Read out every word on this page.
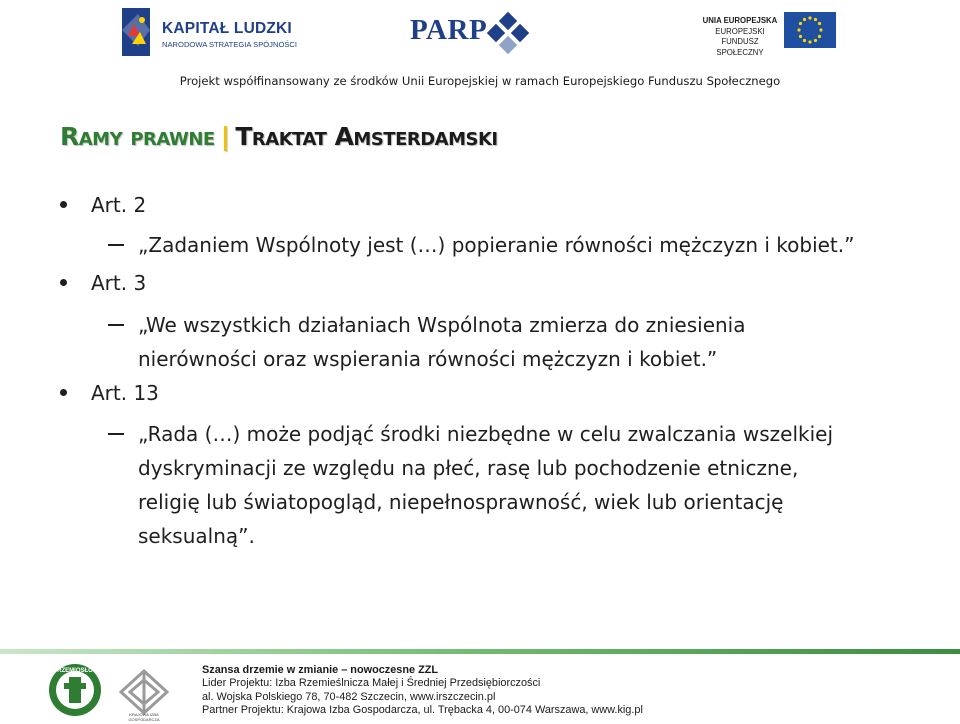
KAPITAŁ LUDZKI
NARODOWA STRATEGIA SPÓJNOŚCI	PARP	UNIA EUROPEJSKA
EUROPEJSKI
FUNDUSZ SPOŁECZNY
Projekt współfinansowany ze środków Unii Europejskiej w ramach Europejskiego Funduszu Społecznego
Ramy prawne | Traktat Amsterdamski
Art. 2
„Zadaniem Wspólnoty jest (…) popieranie równości mężczyzn i kobiet.”
Art. 3
„We wszystkich działaniach Wspólnota zmierza do zniesienia
nierówności oraz wspierania równości mężczyzn i kobiet.”
Art. 13
„Rada (…) może podjąć środki niezbędne w celu zwalczania wszelkiej
dyskryminacji ze względu na płeć, rasę lub pochodzenie etniczne,
religię lub światopogląd, niepełnosprawność, wiek lub orientację
seksualną”.
RZEMIOSŁO
KRAJOWA IZBA GOSPODARCZA
Szansa drzemie w zmianie – nowoczesne ZZL
Lider Projektu: Izba Rzemieślnicza Małej i Średniej Przedsiębiorczości
al. Wojska Polskiego 78, 70-482 Szczecin, www.irszczecin.pl
Partner Projektu: Krajowa Izba Gospodarcza, ul. Trębacka 4, 00-074 Warszawa, www.kig.pl
